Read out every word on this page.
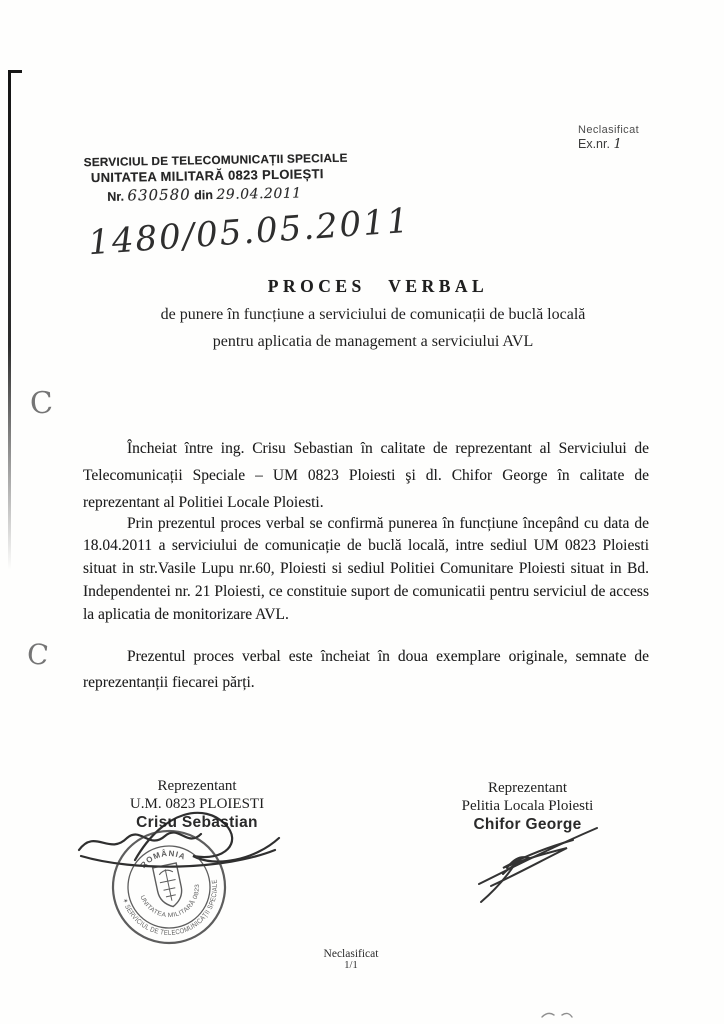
C
C
Neclasificat
Ex.nr. 1
SERVICIUL DE TELECOMUNICAȚII SPECIALE
UNITATEA MILITARĂ 0823 PLOIEȘTI
Nr. 630580 din 29.04.2011
1480/05.05.2011
PROCES VERBAL
de punere în funcțiune a serviciului de comunicații de buclă locală
pentru aplicatia de management a serviciului AVL

Încheiat între ing. Crisu Sebastian în calitate de reprezentant al Serviciului de Telecomunicații Speciale – UM 0823 Ploiesti şi dl. Chifor George în calitate de reprezentant al Politiei Locale Ploiesti.

Prin prezentul proces verbal se confirmă punerea în funcțiune începând cu data de 18.04.2011 a serviciului de comunicație de buclă locală, intre sediul UM 0823 Ploiesti situat in str.Vasile Lupu nr.60, Ploiesti si sediul Politiei Comunitare Ploiesti situat in Bd. Independentei nr. 21 Ploiesti, ce constituie suport de comunicatii pentru serviciul de access la aplicatia de monitorizare AVL.

Prezentul proces verbal este încheiat în doua exemplare originale, semnate de reprezentanții fiecarei părți.

Reprezentant
U.M. 0823 PLOIESTI
Crisu Sebastian
Reprezentant
Pelitia Locala Ploiesti
Chifor George
✶ SERVICIUL DE TELECOMUNICAȚII SPECIALE
ROMÂNIA
UNITATEA MILITARĂ 0823
Neclasificat
1/1
